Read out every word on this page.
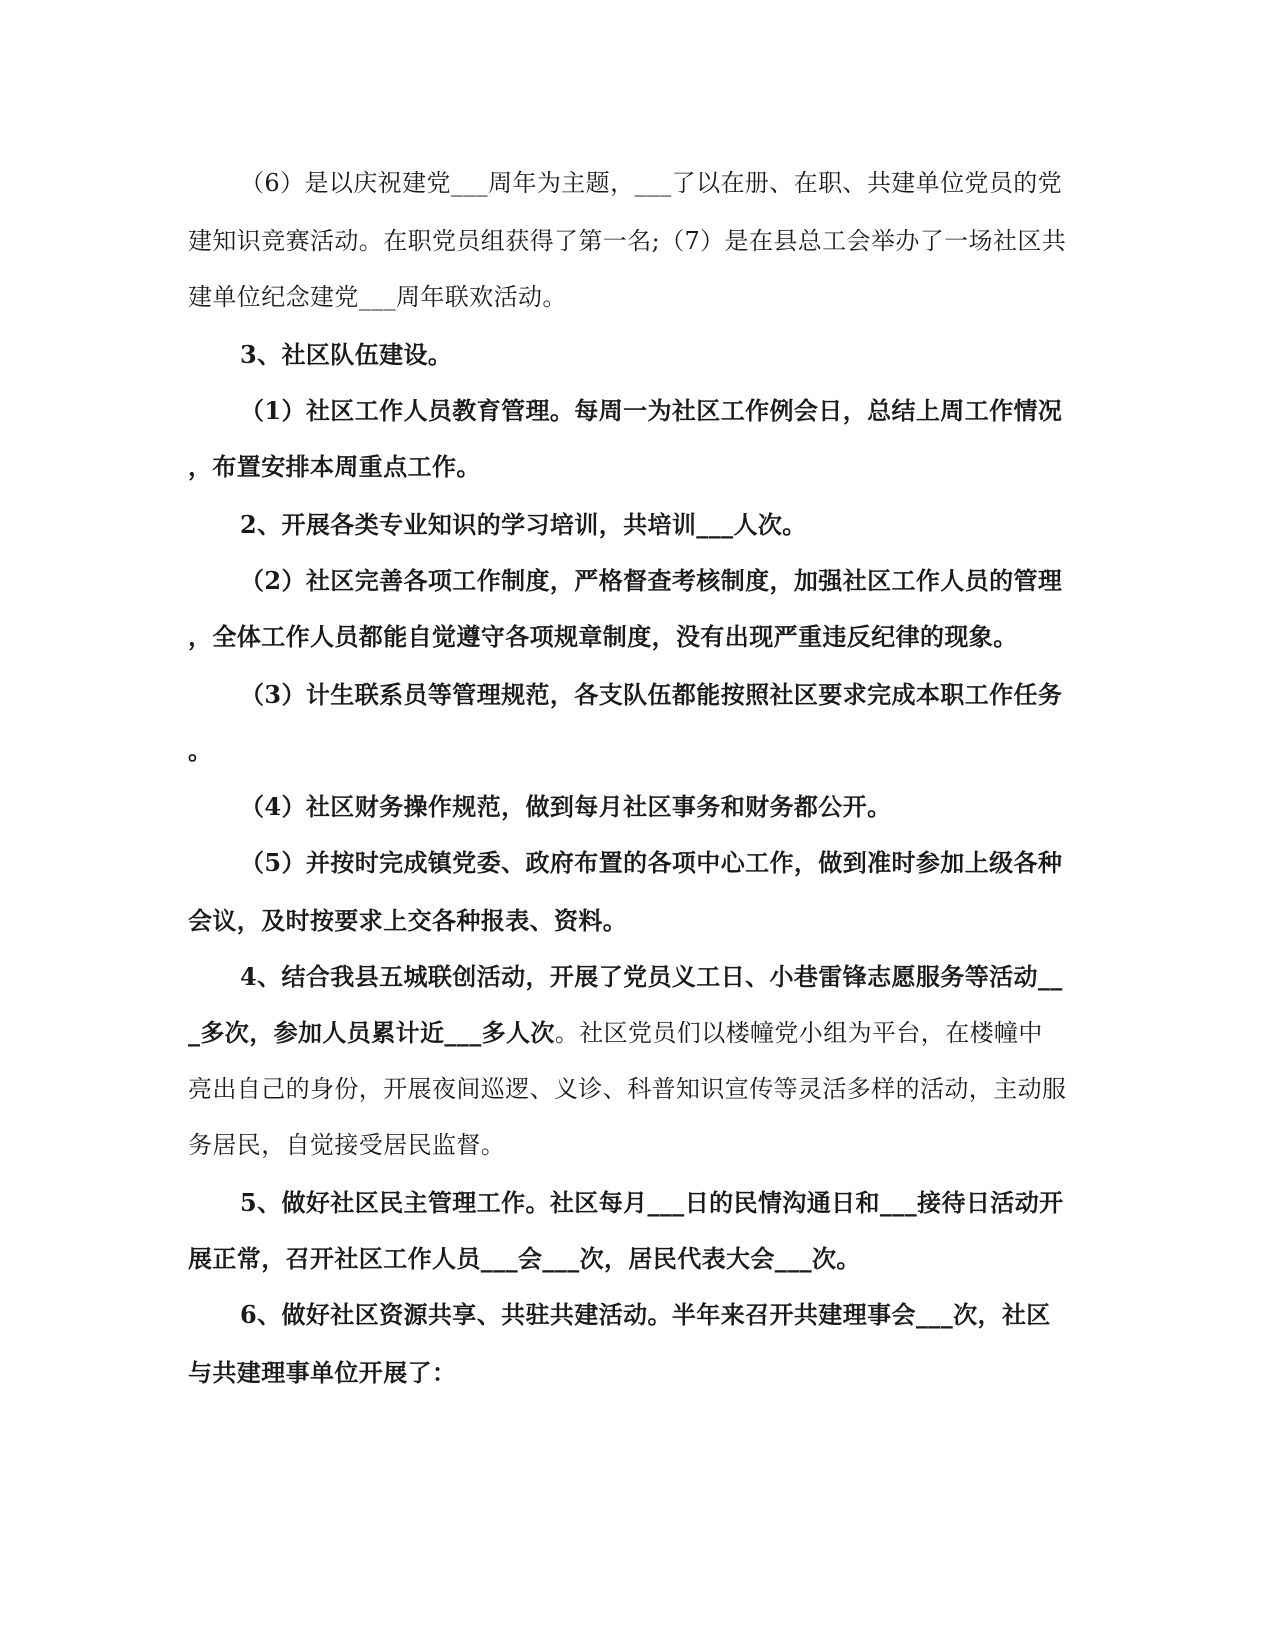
（6）是以庆祝建党___周年为主题，___了以在册、在职、共建单位党员的党
建知识竞赛活动。在职党员组获得了第一名;（7）是在县总工会举办了一场社区共
建单位纪念建党___周年联欢活动。
3、社区队伍建设。
（1）社区工作人员教育管理。每周一为社区工作例会日，总结上周工作情况
，布置安排本周重点工作。
2、开展各类专业知识的学习培训，共培训___人次。
（2）社区完善各项工作制度，严格督查考核制度，加强社区工作人员的管理
，全体工作人员都能自觉遵守各项规章制度，没有出现严重违反纪律的现象。
（3）计生联系员等管理规范，各支队伍都能按照社区要求完成本职工作任务
。
（4）社区财务操作规范，做到每月社区事务和财务都公开。
（5）并按时完成镇党委、政府布置的各项中心工作，做到准时参加上级各种
会议，及时按要求上交各种报表、资料。
4、结合我县五城联创活动，开展了党员义工日、小巷雷锋志愿服务等活动__
_多次，参加人员累计近___多人次。社区党员们以楼幢党小组为平台，在楼幢中
亮出自己的身份，开展夜间巡逻、义诊、科普知识宣传等灵活多样的活动，主动服
务居民，自觉接受居民监督。
5、做好社区民主管理工作。社区每月___日的民情沟通日和___接待日活动开
展正常，召开社区工作人员___会___次，居民代表大会___次。
6、做好社区资源共享、共驻共建活动。半年来召开共建理事会___次，社区
与共建理事单位开展了：
